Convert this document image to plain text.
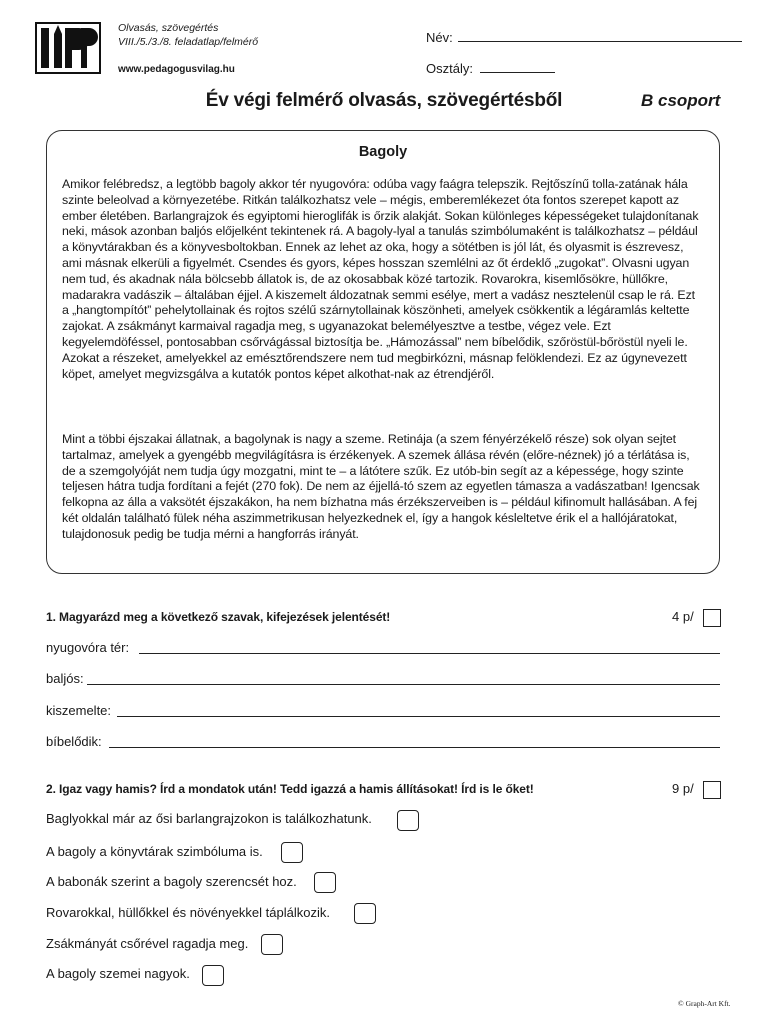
Olvasás, szövegértés
VIII./5./3./8. feladatlap/felmérő
www.pedagogusvilag.hu
Név:
Osztály:
Év végi felmérő olvasás, szövegértésből	B csoport
Bagoly

Amikor felébredsz, a legtöbb bagoly akkor tér nyugovóra: odúba vagy faágra telepszik. Rejtőszínű tolla-zatának hála szinte beleolvad a környezetébe. Ritkán találkozhatsz vele – mégis, emberemlékezet óta fontos szerepet kapott az ember életében. Barlangrajzok és egyiptomi hieroglifák is őrzik alakját. Sokan különleges képességeket tulajdonítanak neki, mások azonban baljós előjelként tekintenek rá. A bagoly-lyal a tanulás szimbólumaként is találkozhatsz – például a könyvtárakban és a könyvesboltokban. Ennek az lehet az oka, hogy a sötétben is jól lát, és olyasmit is észrevesz, ami másnak elkerüli a figyelmét. Csendes és gyors, képes hosszan szemlélni az őt érdeklő „zugokat”. Olvasni ugyan nem tud, és akadnak nála bölcsebb állatok is, de az okosabbak közé tartozik. Rovarokra, kisemlősökre, hüllőkre, madarakra vadászik – általában éjjel. A kiszemelt áldozatnak semmi esélye, mert a vadász nesztelenül csap le rá. Ezt a „hangtompítót” pehelytollainak és rojtos szélű szárnytollainak köszönheti, amelyek csökkentik a légáramlás keltette zajokat. A zsákmányt karmaival ragadja meg, s ugyanazokat belemélyesztve a testbe, végez vele. Ezt kegyelemdöféssel, pontosabban csőrvágással biztosítja be. „Hámozással” nem bíbelődik, szőröstül-bőröstül nyeli le. Azokat a részeket, amelyekkel az emésztőrendszere nem tud megbirkózni, másnap felöklendezi. Ez az úgynevezett köpet, amelyet megvizsgálva a kutatók pontos képet alkothat-nak az étrendjéről.

Mint a többi éjszakai állatnak, a bagolynak is nagy a szeme. Retinája (a szem fényérzékelő része) sok olyan sejtet tartalmaz, amelyek a gyengébb megvilágításra is érzékenyek. A szemek állása révén (előre-néznek) jó a térlátása is, de a szemgolyóját nem tudja úgy mozgatni, mint te – a látótere szűk. Ez utób-bin segít az a képessége, hogy szinte teljesen hátra tudja fordítani a fejét (270 fok). De nem az éjjellá-tó szem az egyetlen támasza a vadászatban! Igencsak felkopna az álla a vaksötét éjszakákon, ha nem bízhatna más érzékszerveiben is – például kifinomult hallásában. A fej két oldalán található fülek néha aszimmetrikusan helyezkednek el, így a hangok késleltetve érik el a hallójáratokat, tulajdonosuk pedig be tudja mérni a hangforrás irányát.

1. Magyarázd meg a következő szavak, kifejezések jelentését!	4 p/
nyugovóra tér:
baljós:
kiszemelte:
bíbelődik:
2. Igaz vagy hamis? Írd a mondatok után! Tedd igazzá a hamis állításokat! Írd is le őket!	9 p/
Baglyokkal már az ősi barlangrajzokon is találkozhatunk.
A bagoly a könyvtárak szimbóluma is.
A babonák szerint a bagoly szerencsét hoz.
Rovarokkal, hüllőkkel és növényekkel táplálkozik.
Zsákmányát csőrével ragadja meg.
A bagoly szemei nagyok.
© Graph-Art Kft.
